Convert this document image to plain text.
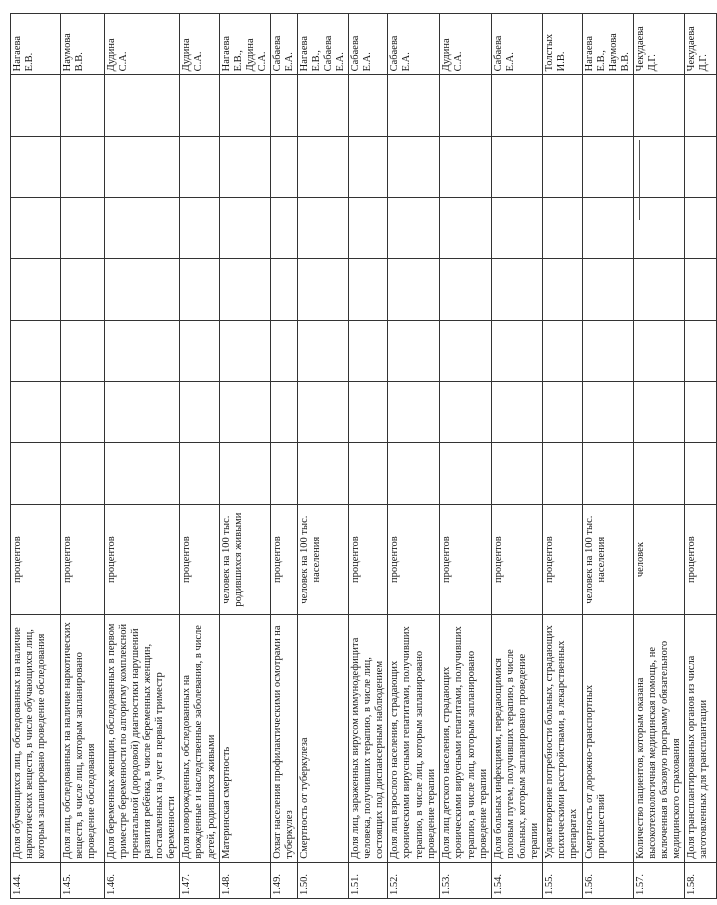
1.44.	Доля обучающихся лиц, обследованных на наличие наркотических веществ, в числе обучающихся лиц, которым запланировано проведение обследования	процентов								Нагаева Е.В.
1.45.	Доля лиц, обследованных на наличие наркотических веществ, в числе лиц, которым запланировано проведение обследования	процентов								Наумова В.В.
1.46.	Доля беременных женщин, обследованных в первом триместре беременности по алгоритму комплексной пренатальной (дородовой) диагностики нарушений развития ребёнка, в числе беременных женщин, поставленных на учет в первый триместр беременности	процентов								Дудина С.А.
1.47.	Доля новорожденных, обследованных на врожденные и наследственные заболевания, в числе детей, родившихся живыми	процентов								Дудина С.А.
1.48.	Материнская смертность	человек на 100 тыс. родившихся живыми								Нагаева Е.В., Дудина С.А.
1.49.	Охват населения профилактическими осмотрами на туберкулез	процентов								Сабаева Е.А.
1.50.	Смертность от туберкулеза	человек на 100 тыс. населения								Нагаева Е.В., Сабаева Е.А.
1.51.	Доля лиц, зараженных вирусом иммунодефицита человека, получивших терапию, в числе лиц, состоящих под диспансерным наблюдением	процентов								Сабаева Е.А.
1.52.	Доля лиц взрослого населения, страдающих хроническими вирусными гепатитами, получивших терапию, в числе лиц, которым запланировано проведение терапии	процентов								Сабаева Е.А.
1.53.	Доля лиц детского населения, страдающих хроническими вирусными гепатитами, получивших терапию, в числе лиц, которым запланировано проведение терапии	процентов								Дудина С.А.
1.54.	Доля больных инфекциями, передающимися половым путем, получивших терапию, в числе больных, которым запланировано проведение терапии	процентов								Сабаева Е.А.
1.55.	Удовлетворение потребности больных, страдающих психическими расстройствами, в лекарственных препаратах	процентов								Толстых И.В.
1.56.	Смертность от дорожно-транспортных происшествий	человек на 100 тыс. населения								Нагаева Е.В., Наумова В.В.
1.57.	Количество пациентов, которым оказана высокотехнологичная медицинская помощь, не включенная в базовую программу обязательного медицинского страхования	человек								Чекудаева Д.Г.
1.58.	Доля трансплантированных органов из числа заготовленных для трансплантации	процентов								Чекудаева Д.Г.
